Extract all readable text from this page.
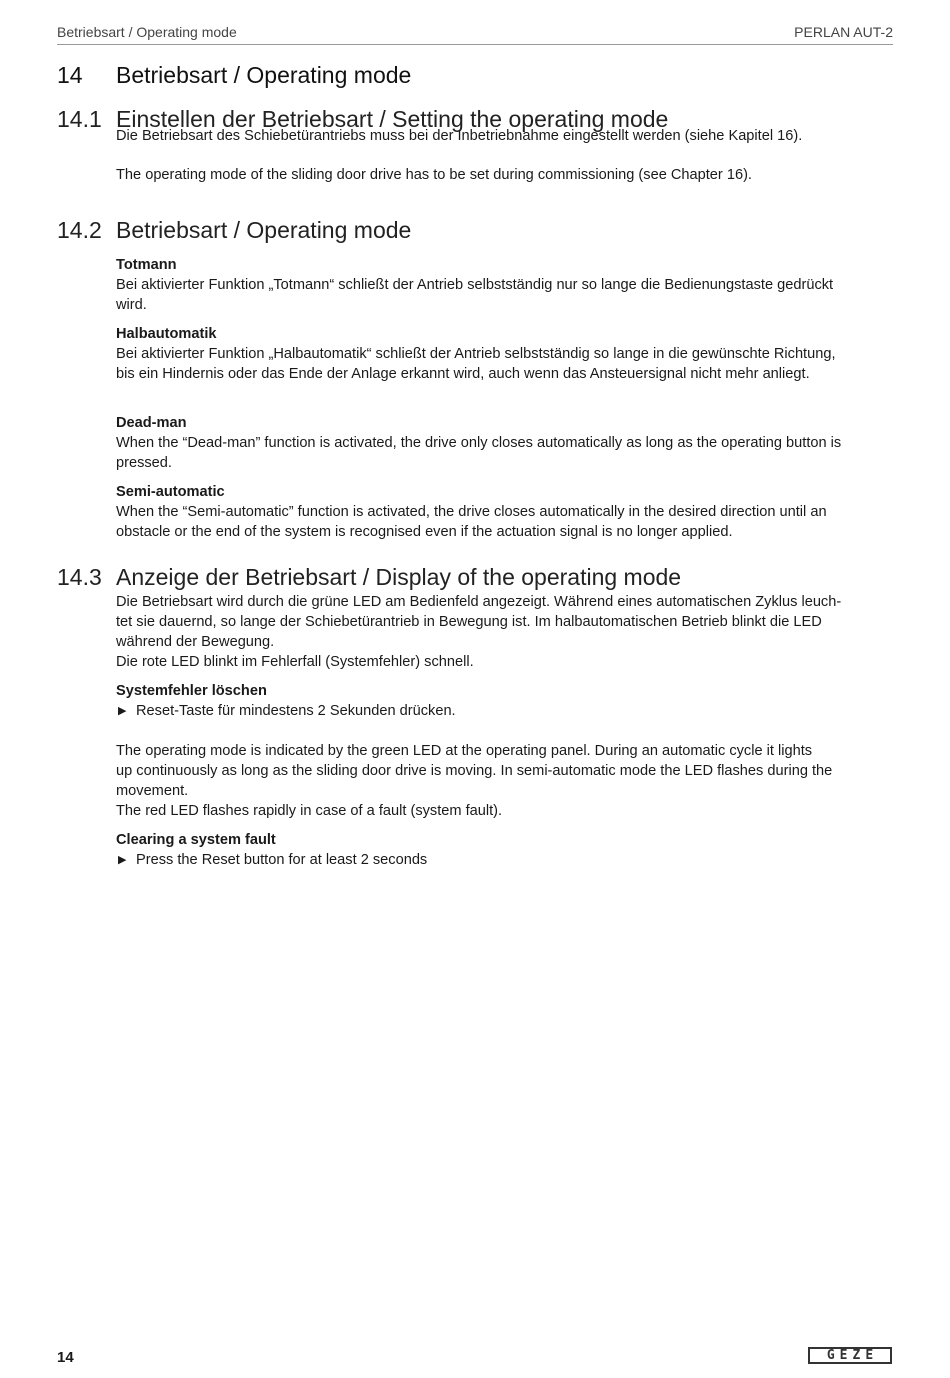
Betriebsart / Operating mode	PERLAN AUT-2
14 Betriebsart / Operating mode
14.1 Einstellen der Betriebsart / Setting the operating mode

Die Betriebsart des Schiebetürantriebs muss bei der Inbetriebnahme eingestellt werden (siehe Kapitel 16).

The operating mode of the sliding door drive has to be set during commissioning (see Chapter 16).

14.2 Betriebsart / Operating mode

Totmann

Bei aktivierter Funktion „Totmann“ schließt der Antrieb selbstständig nur so lange die Bedienungstaste gedrückt

wird.

Halbautomatik

Bei aktivierter Funktion „Halbautomatik“ schließt der Antrieb selbstständig so lange in die gewünschte Richtung,

bis ein Hindernis oder das Ende der Anlage erkannt wird, auch wenn das Ansteuersignal nicht mehr anliegt.

Dead-man

When the “Dead-man” function is activated, the drive only closes automatically as long as the operating button is

pressed.

Semi-automatic

When the “Semi-automatic” function is activated, the drive closes automatically in the desired direction until an

obstacle or the end of the system is recognised even if the actuation signal is no longer applied.

14.3 Anzeige der Betriebsart / Display of the operating mode

Die Betriebsart wird durch die grüne LED am Bedienfeld angezeigt. Während eines automatischen Zyklus leuch-

tet sie dauernd, so lange der Schiebetürantrieb in Bewegung ist. Im halbautomatischen Betrieb blinkt die LED

während der Bewegung.

Die rote LED blinkt im Fehlerfall (Systemfehler) schnell.

Systemfehler löschen

▶ Reset-Taste für mindestens 2 Sekunden drücken.

The operating mode is indicated by the green LED at the operating panel. During an automatic cycle it lights

up continuously as long as the sliding door drive is moving. In semi-automatic mode the LED flashes during the

movement.

The red LED flashes rapidly in case of a fault (system fault).

Clearing a system fault

▶ Press the Reset button for at least 2 seconds

14	GEZE
